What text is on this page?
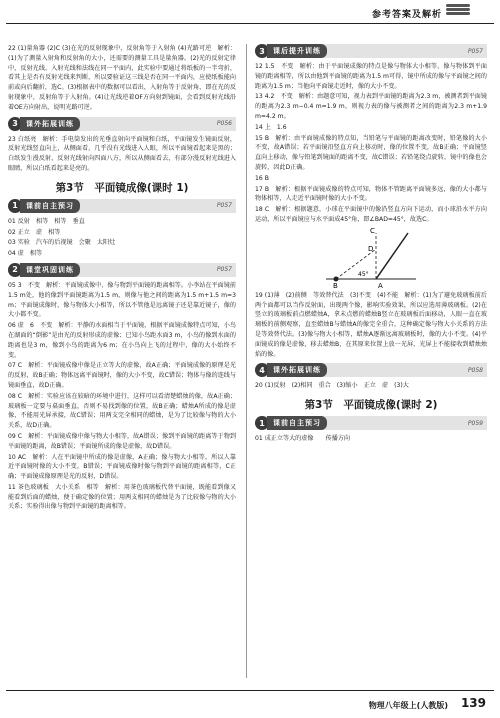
参考答案及解析

22 (1)量角器 (2)C (3)在光的反射现象中，反射角等于入射角 (4)光路可逆　解析：(1)为了测量入射角和反射角的大小，还需要的测量工具是量角器。(2)光的反射定律中，反射光线、入射光线和法线在同一平面内，此实验中要通过将纸板的一半弯折，看其上是否有反射光线来判断，所以要验证这三线是否在同一平面内，应使纸板能向前或向后翻折，选C。(3)根据表中的数据可以看出，入射角等于反射角，即在光的反射现象中，反射角等于入射角。(4)让光线逆着OF方向射到镜面，会看到反射光线沿着OE方向射出，说明光路可逆。

3	课外拓展训练	P056

23 白纸亮　解析：手电筒发出的光垂直射向平面镜和白纸，平面镜发生镜面反射，反射光线竖直向上，从侧面看，几乎没有光线进入人眼，所以平面镜看起来是黑的；白纸发生漫反射，反射光线射向四面八方，所以从侧面看去，有部分漫反射光线进入眼睛，所以白纸看起来是亮的。

第3节　平面镜成像(课时 1)
1	课前自主预习	P057

01 反射　相等　相等　垂直

02 正立　虚　相等

03 实验　汽车的后视镜　会聚　太阳灶

04 虚　相等

2	课堂巩固训练	P057

05 3　不变　解析：平面镜成像中，像与物到平面镜的距离相等。小李站在平面镜前1.5 m处，他的像到平面镜距离为1.5 m，则像与他之间的距离为1.5 m+1.5 m=3 m；平面镜成像时，像与物体大小相等，所以不管他是远离镜子还是靠近镜子，像的大小都不变。

06 虚　6　不变　解析：平静的水面相当于平面镜，根据平面镜成像特点可知，小鸟在湖面的“倒影”是由光的反射形成的虚像；已知小鸟距水面3 m，小鸟的像到水面的距离也是3 m，像到小鸟的距离为6 m；在小鸟向上飞的过程中，像的大小始终不变。

07 C　解析：平面镜成像中像是正立等大的虚像，故A正确；平面镜成像的原理是光的反射，故B正确；物体远离平面镜时，像的大小不变，故C错误；物体与像的连线与镜面垂直，故D正确。

08 C　解析：实验应该在较暗的环境中进行，这样可以看清楚蜡烛的像，故A正确；玻璃板一定要与桌面垂直，否则不易找到像的位置，故B正确；蜡烛A所成的像是虚像，不能用光屏承接，故C错误；用两支完全相同的蜡烛，是为了比较像与物的大小关系，故D正确。

09 C　解析：平面镜成像中像与物大小相等，故A错误；像到平面镜的距离等于物到平面镜的距离，故B错误；平面镜所成的像是虚像，故D错误。

10 AC　解析：人在平面镜中所成的像是虚像，A正确；像与物大小相等，所以人靠近平面镜时像的大小不变，B错误；平面镜成像时像与物到平面镜的距离相等，C正确；平面镜成像原理是光的反射，D错误。

11 茶色玻璃板　大小关系　相等　解析：用茶色玻璃板代替平面镜，既能看到像又能看到后面的蜡烛，便于确定像的位置；用两支相同的蜡烛是为了比较像与物的大小关系；实验得出像与物到平面镜的距离相等。

3	课后提升训练	P057

12 1.5　不变　解析：由于平面镜成像的特点是像与物体大小相等，像与物体到平面镜的距离相等，所以由他到平面镜的距离为1.5 m可得，镜中所成的像与平面镜之间的距离为1.5 m；当他向平面镜走近时，像的大小不变。

13 4.2　不变　解析：由题意可知，视力表到平面镜的距离为2.3 m，被测者到平面镜的距离为2.3 m−0.4 m=1.9 m，则视力表的像与被测者之间的距离为2.3 m+1.9 m=4.2 m。

14 上　1.6

15 B　解析：由平面镜成像的特点知，当铅笔与平面镜的距离改变时，铅笔像的大小不变，故A错误；若平面镜沿竖直方向上移动时，像的位置不变，故B正确；平面镜竖直向上移动，像与铅笔到镜面的距离不变，故C错误；若铅笔绕点旋转，镜中的像也会旋转，因此D正确。

16 B

17 B　解析：根据平面镜成像的特点可知，物体不管距离平面镜多远，像的大小都与物体相等，人走近平面镜时像的大小不变。

18 C　解析：根据题意，小球在平面镜中的像沿竖直方向下运动，而小球沿水平方向运动，所以平面镜应与水平面成45°角，即∠BAD=45°，故选C。

B	A
C
D
45°

19 (1)薄　(2)前侧　等效替代法　(3)不变　(4)不能　解析：(1)为了避免玻璃板前后两个面都可以当作反射面，出现两个像，影响实验效果，所以应选用薄玻璃板。(2)在竖立的玻璃板前点燃蜡烛A，拿未点燃的蜡烛B竖立在玻璃板后面移动，人眼一直在玻璃板的前侧观察，直至蜡烛B与蜡烛A的像完全重合，这种确定像与物大小关系的方法是等效替代法。(3)像与物大小相等，蜡烛A逐渐远离玻璃板时，像的大小不变。(4)平面镜成的像是虚像，移去蜡烛B，在其原来位置上放一光屏，光屏上不能接收到蜡烛烛焰的像。

4	课外拓展训练	P058

20 (1)反射　(2)相同　重合　(3)缩小　正立　虚　(3)大

第3节　平面镜成像(课时 2)
1	课前自主预习	P059

01 成正立等大的虚像　　传播方向

物理八年级上(人教版) 139
